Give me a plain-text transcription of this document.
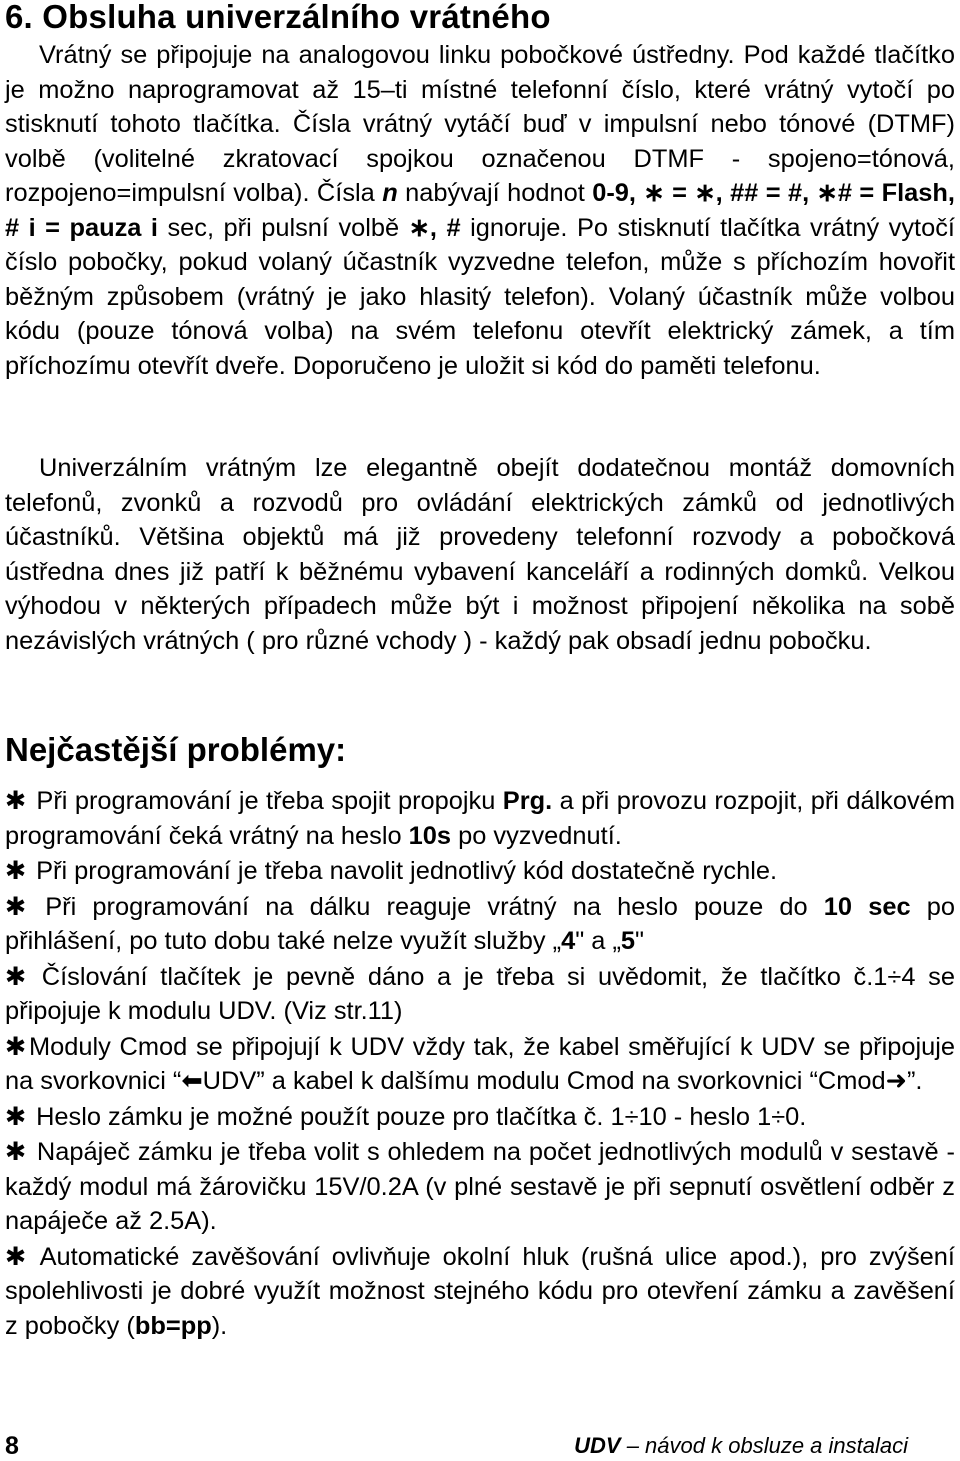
6. Obsluha univerzálního vrátného

Vrátný se připojuje na analogovou linku pobočkové ústředny. Pod každé tlačítko je možno naprogramovat až 15–ti místné telefonní číslo, které vrátný vytočí po stisknutí tohoto tlačítka. Čísla vrátný vytáčí buď v impulsní nebo tónové (DTMF) volbě (volitelné zkratovací spojkou označenou DTMF - spojeno=tónová, rozpojeno=impulsní volba). Čísla n nabývají hodnot 0-9, ∗ = ∗, ## = #, ∗# = Flash, # i = pauza i sec, při pulsní volbě ∗, # ignoruje. Po stisknutí tlačítka vrátný vytočí číslo pobočky, pokud volaný účastník vyzvedne telefon, může s příchozím hovořit běžným způsobem (vrátný je jako hlasitý telefon). Volaný účastník může volbou kódu (pouze tónová volba) na svém telefonu otevřít elektrický zámek, a tím příchozímu otevřít dveře. Doporučeno je uložit si kód do paměti telefonu.

Univerzálním vrátným lze elegantně obejít dodatečnou montáž domovních telefonů, zvonků a rozvodů pro ovládání elektrických zámků od jednotlivých účastníků. Většina objektů má již provedeny telefonní rozvody a pobočková ústředna dnes již patří k běžnému vybavení kanceláří a rodinných domků. Velkou výhodou v některých případech může být i možnost připojení několika na sobě nezávislých vrátných ( pro různé vchody ) - každý pak obsadí jednu pobočku.

Nejčastější problémy:
✱ Při programování je třeba spojit propojku Prg. a při provozu rozpojit, při dálkovém programování čeká vrátný na heslo 10s po vyzvednutí.
✱ Při programování je třeba navolit jednotlivý kód dostatečně rychle.
✱ Při programování na dálku reaguje vrátný na heslo pouze do 10 sec po přihlášení, po tuto dobu také nelze využít služby „4" a „5"
✱ Číslování tlačítek je pevně dáno a je třeba si uvědomit, že tlačítko č.1÷4 se připojuje k modulu UDV. (Viz str.11)
✱ Moduly Cmod se připojují k UDV vždy tak, že kabel směřující k UDV se připojuje na svorkovnici “⬅UDV” a kabel k dalšímu modulu Cmod na svorkovnici “Cmod➜”.
✱ Heslo zámku je možné použít pouze pro tlačítka č. 1÷10 - heslo 1÷0.
✱ Napáječ zámku je třeba volit s ohledem na počet jednotlivých modulů v sestavě - každý modul má žárovičku 15V/0.2A (v plné sestavě je při sepnutí osvětlení odběr z napáječe až 2.5A).
✱ Automatické zavěšování ovlivňuje okolní hluk (rušná ulice apod.), pro zvýšení spolehlivosti je dobré využít možnost stejného kódu pro otevření zámku a zavěšení z pobočky (bb=pp).
8	UDV – návod k obsluze a instalaci
